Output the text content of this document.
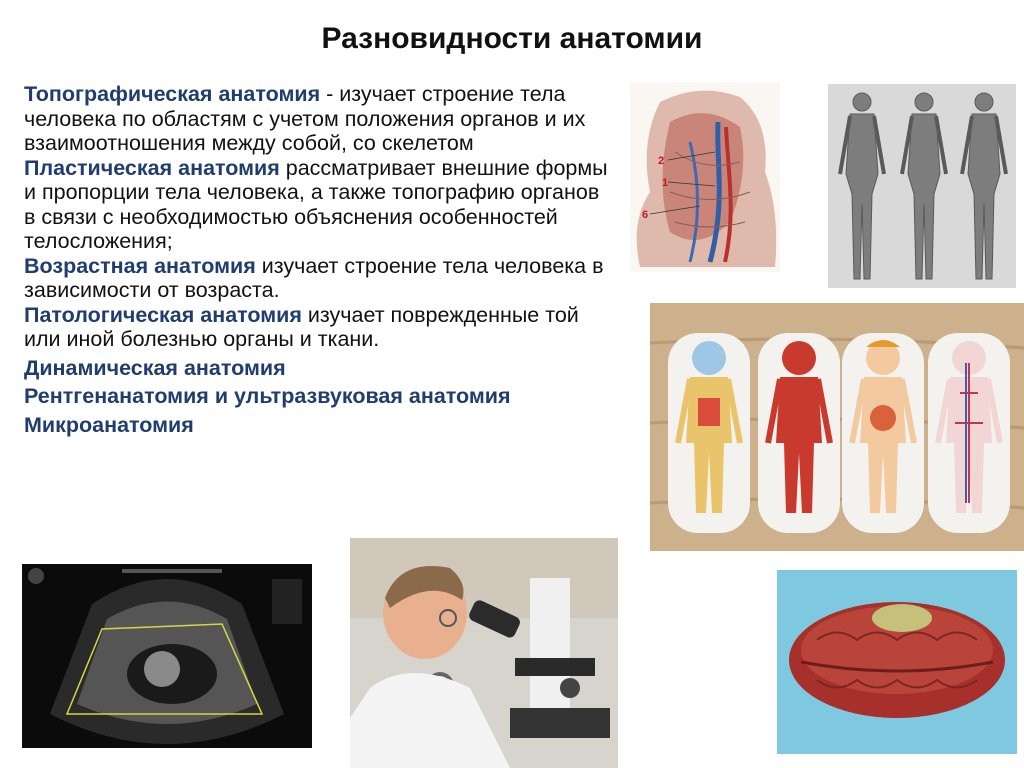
Разновидности анатомии

Топографическая анатомия - изучает строение тела человека по областям с учетом положения органов и их взаимоотношения между собой, со скелетом

Пластическая анатомия рассматривает внешние формы и пропорции тела человека, а также топографию органов в связи с необходимостью объяснения особенностей телосложения;

Возрастная анатомия изучает строение тела человека в зависимости от возраста.

Патологическая анатомия изучает поврежденные той или иной болезнью органы и ткани.

Динамическая анатомия

Рентгенанатомия и ультразвуковая анатомия

Микроанатомия

2
1
6
